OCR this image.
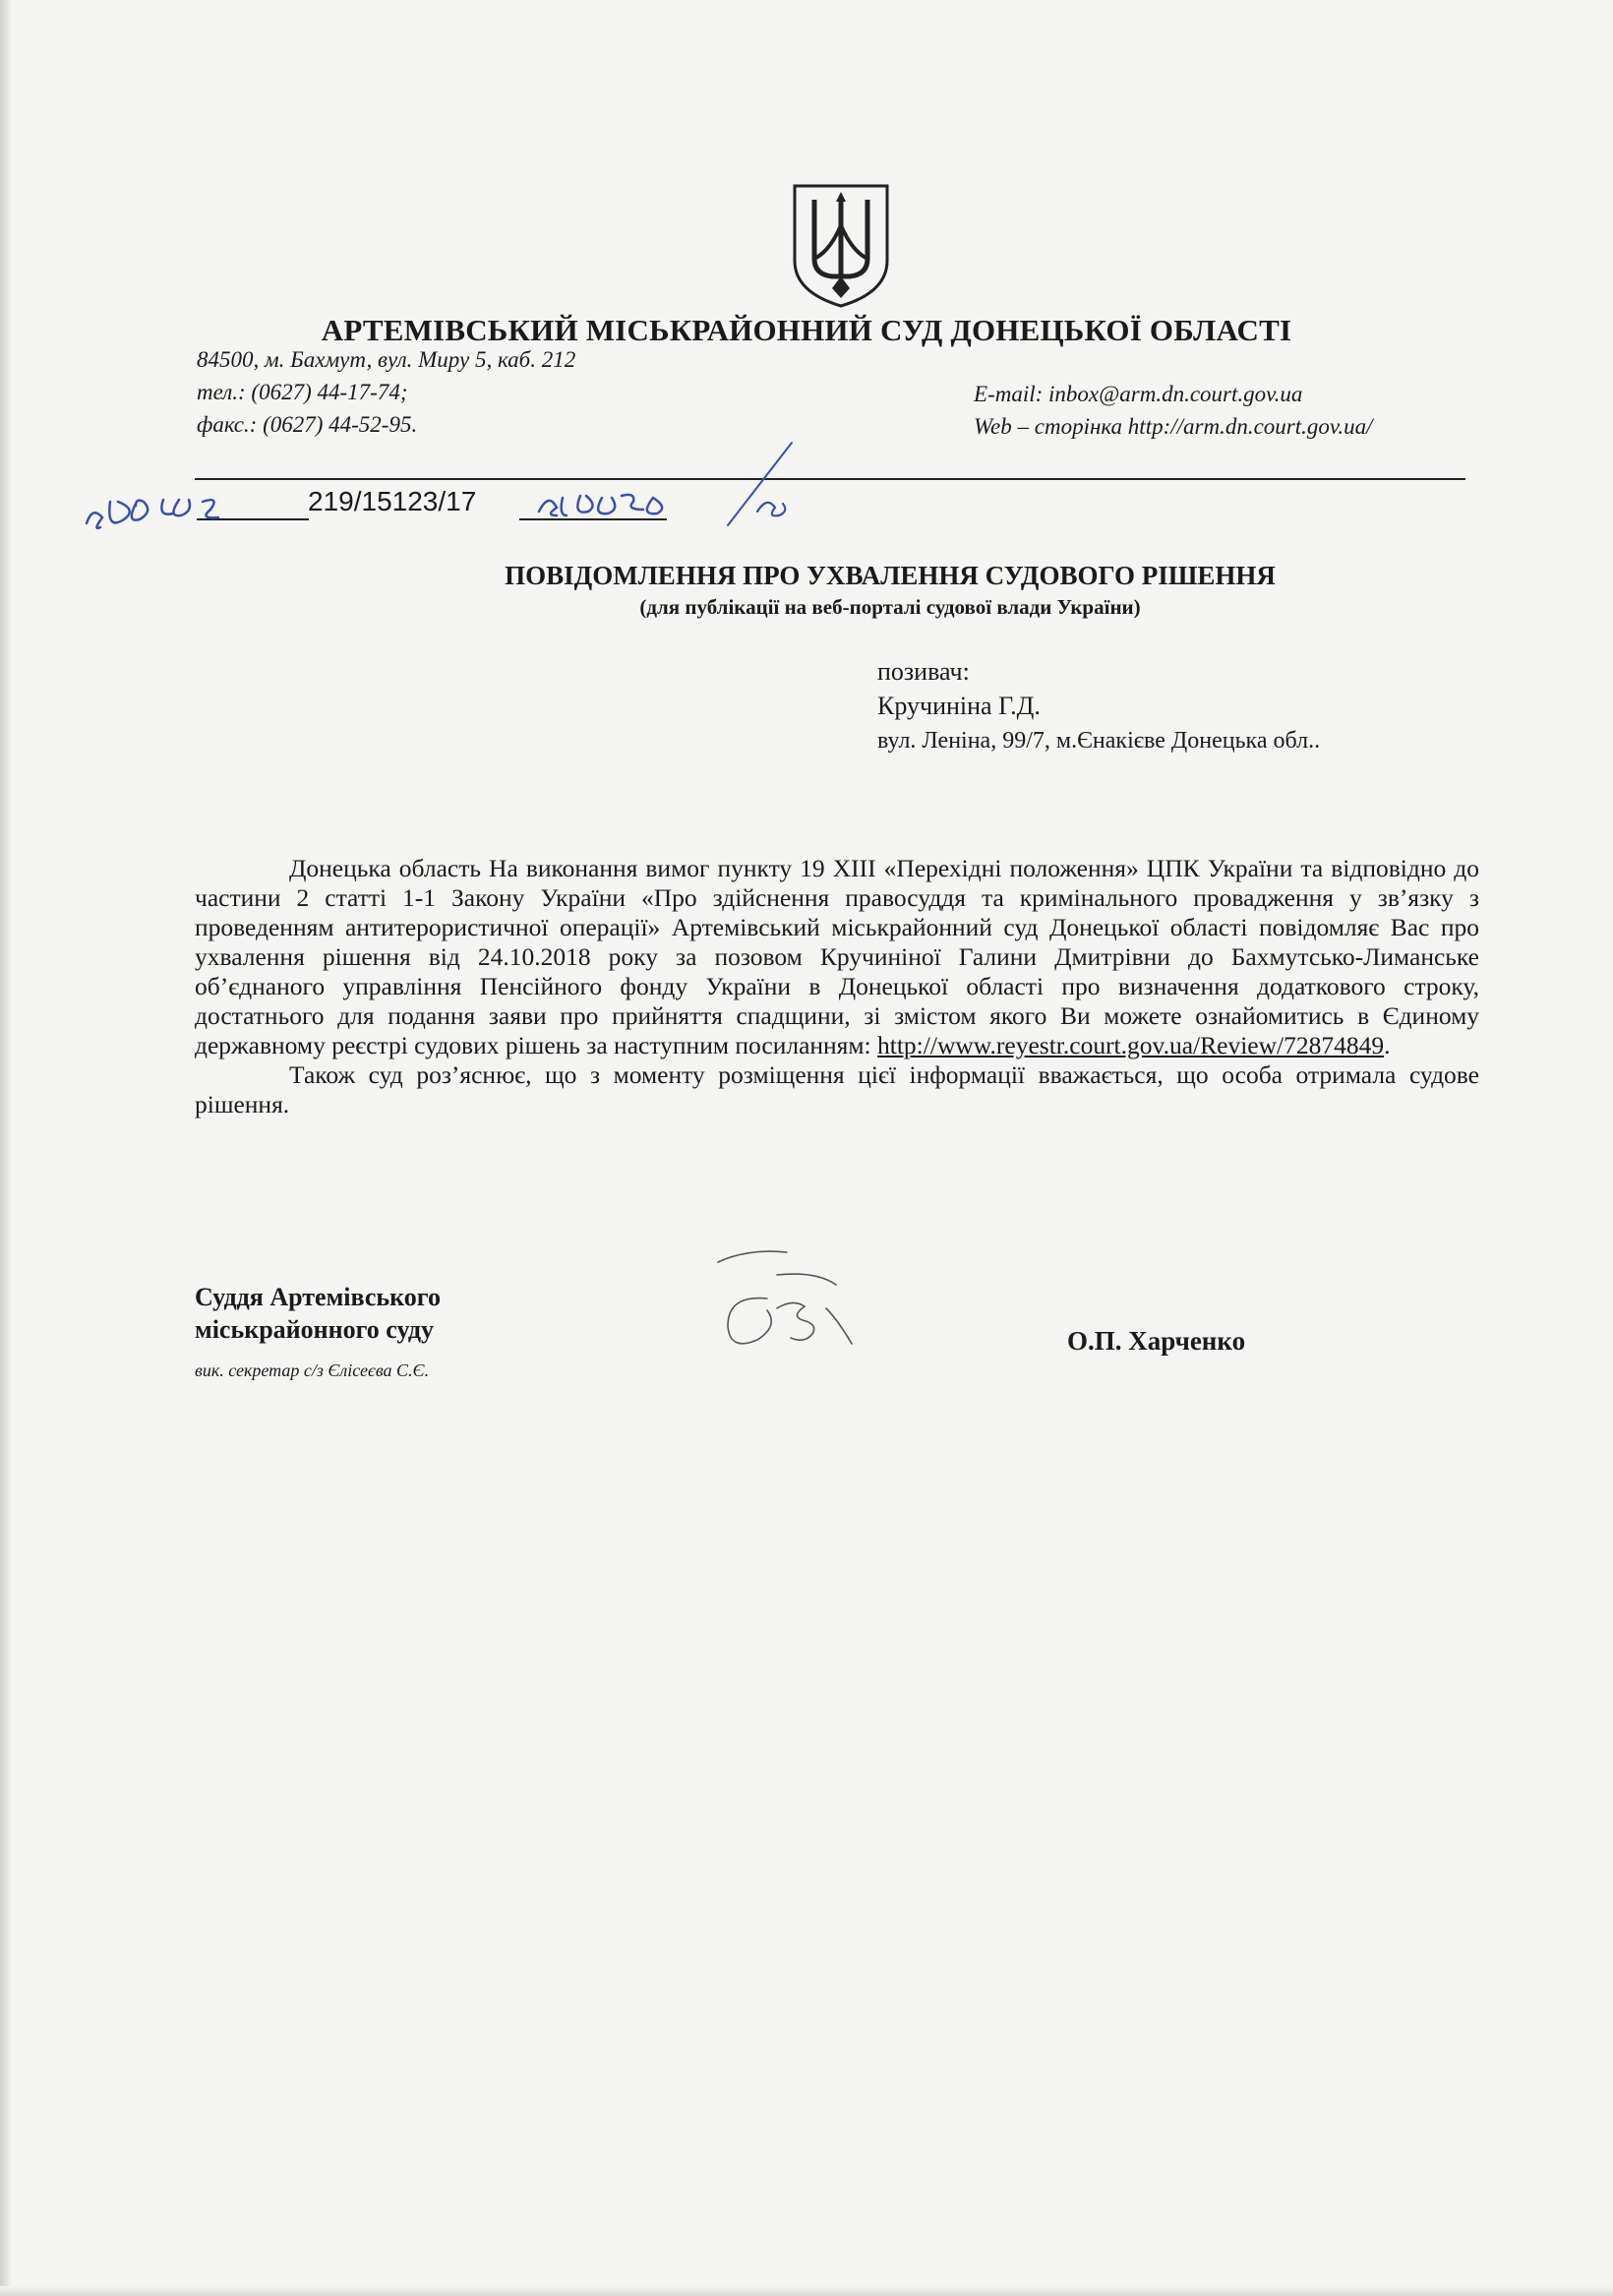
АРТЕМІВСЬКИЙ МІСЬКРАЙОННИЙ СУД ДОНЕЦЬКОЇ ОБЛАСТІ
84500, м. Бахмут, вул. Миру 5, каб. 212
тел.: (0627) 44-17-74;
факс.: (0627) 44-52-95.
E-mail: inbox@arm.dn.court.gov.ua
Web – сторінка http://arm.dn.court.gov.ua/
219/15123/17
ПОВІДОМЛЕННЯ ПРО УХВАЛЕННЯ СУДОВОГО РІШЕННЯ
(для публікації на веб-порталі судової влади України)
позивач:
Кручиніна Г.Д.
вул. Леніна, 99/7, м.Єнакієве Донецька обл..

Донецька область На виконання вимог пункту 19 ХІІІ «Перехідні положення» ЦПК України та відповідно до частини 2 статті 1-1 Закону України «Про здійснення правосуддя та кримінального провадження у зв’язку з проведенням антитерористичної операції» Артемівський міськрайонний суд Донецької області повідомляє Вас про ухвалення рішення від 24.10.2018 року за позовом Кручиніної Галини Дмитрівни до Бахмутсько-Лиманське об’єднаного управління Пенсійного фонду України в Донецької області про визначення додаткового строку, достатнього для подання заяви про прийняття спадщини, зі змістом якого Ви можете ознайомитись в Єдиному державному реєстрі судових рішень за наступним посиланням: http://www.reyestr.court.gov.ua/Review/72874849.

Також суд роз’яснює, що з моменту розміщення цієї інформації вважається, що особа отримала судове рішення.

Суддя Артемівського
міськрайонного суду
вик. секретар с/з Єлісеєва С.Є.
О.П. Харченко
